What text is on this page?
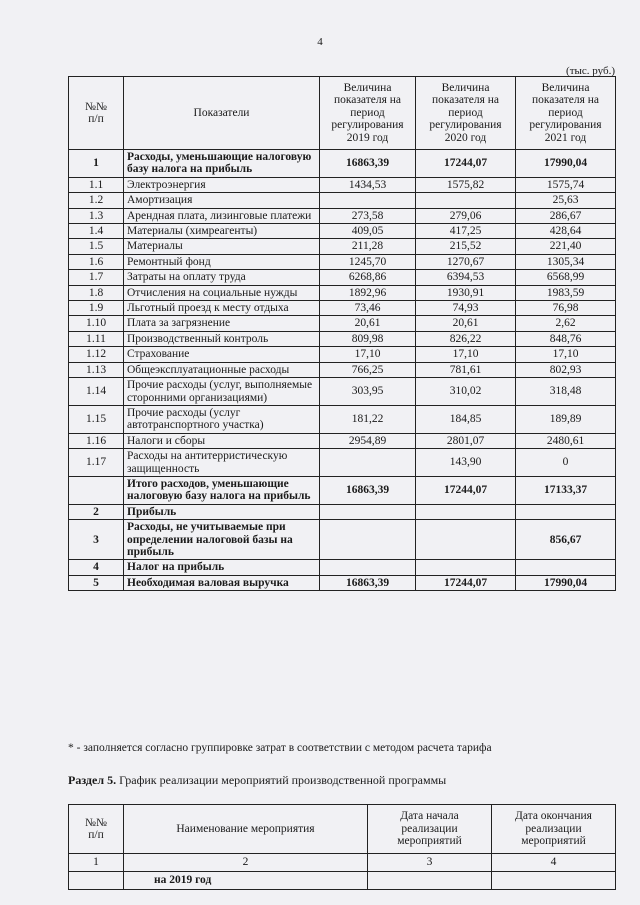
4
(тыс. руб.)
№№
п/п	Показатели	Величина показателя на период регулирования 2019 год	Величина показателя на период регулирования 2020 год	Величина показателя на период регулирования 2021 год
1	Расходы, уменьшающие налоговую базу налога на прибыль	16863,39	17244,07	17990,04
1.1	Электроэнергия	1434,53	1575,82	1575,74
1.2	Амортизация			25,63
1.3	Арендная плата, лизинговые платежи	273,58	279,06	286,67
1.4	Материалы (химреагенты)	409,05	417,25	428,64
1.5	Материалы	211,28	215,52	221,40
1.6	Ремонтный фонд	1245,70	1270,67	1305,34
1.7	Затраты на оплату труда	6268,86	6394,53	6568,99
1.8	Отчисления на социальные нужды	1892,96	1930,91	1983,59
1.9	Льготный проезд к месту отдыха	73,46	74,93	76,98
1.10	Плата за загрязнение	20,61	20,61	2,62
1.11	Производственный контроль	809,98	826,22	848,76
1.12	Страхование	17,10	17,10	17,10
1.13	Общеэксплуатационные расходы	766,25	781,61	802,93
1.14	Прочие расходы (услуг, выполняемые сторонними организациями)	303,95	310,02	318,48
1.15	Прочие расходы (услуг автотранспортного участка)	181,22	184,85	189,89
1.16	Налоги и сборы	2954,89	2801,07	2480,61
1.17	Расходы на антитерристическую защищенность		143,90	0
	Итого расходов, уменьшающие налоговую базу налога на прибыль	16863,39	17244,07	17133,37
2	Прибыль			
3	Расходы, не учитываемые при определении налоговой базы на прибыль			856,67
4	Налог на прибыль			
5	Необходимая валовая выручка	16863,39	17244,07	17990,04
* - заполняется согласно группировке затрат в соответствии с методом расчета тарифа
Раздел 5. График реализации мероприятий производственной программы
№№
п/п	Наименование мероприятия	Дата начала реализации мероприятий	Дата окончания реализации мероприятий
1	2	3	4
	на 2019 год		
